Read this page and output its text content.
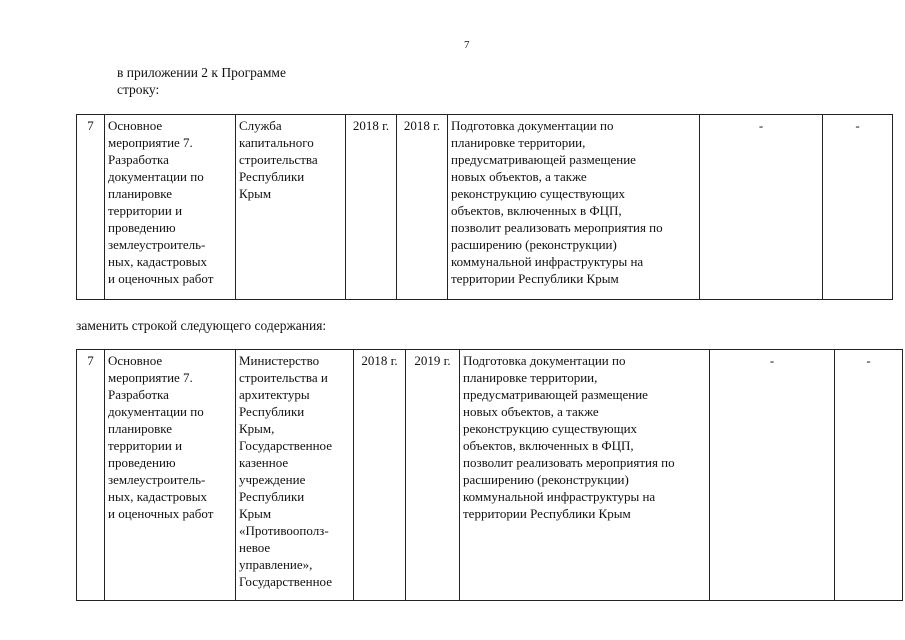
7
в приложении 2 к Программе
строку:
7	Основное
мероприятие 7.
Разработка
документации по
планировке
территории и
проведению
землеустроитель-
ных, кадастровых
и оценочных работ	Служба
капитального
строительства
Республики
Крым	2018 г.	2018 г.	Подготовка документации по
планировке территории,
предусматривающей размещение
новых объектов, а также
реконструкцию существующих
объектов, включенных в ФЦП,
позволит реализовать мероприятия по
расширению (реконструкции)
коммунальной инфраструктуры на
территории Республики Крым	
-	-
заменить строкой следующего содержания:
7	Основное
мероприятие 7.
Разработка
документации по
планировке
территории и
проведению
землеустроитель-
ных, кадастровых
и оценочных работ	Министерство
строительства и
архитектуры
Республики
Крым,
Государственное
казенное
учреждение
Республики
Крым
«Противоополз-
невое
управление»,
Государственное	2018 г.	2019 г.	Подготовка документации по
планировке территории,
предусматривающей размещение
новых объектов, а также
реконструкцию существующих
объектов, включенных в ФЦП,
позволит реализовать мероприятия по
расширению (реконструкции)
коммунальной инфраструктуры на
территории Республики Крым	
-	-
